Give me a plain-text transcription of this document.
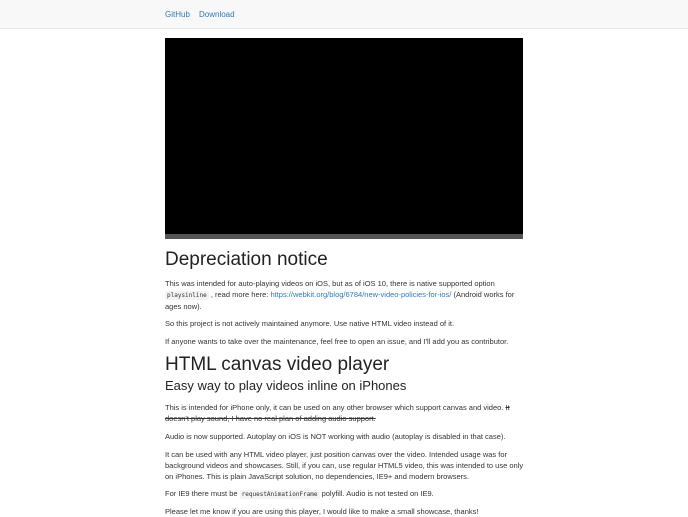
GitHub Download
Depreciation notice

This was intended for auto-playing videos on iOS, but as of iOS 10, there is native supported option playsinline , read more here: https://webkit.org/blog/6784/new-video-policies-for-ios/ (Android works for ages now).

So this project is not actively maintained anymore. Use native HTML video instead of it.

If anyone wants to take over the maintenance, feel free to open an issue, and I'll add you as contributor.

HTML canvas video player
Easy way to play videos inline on iPhones

This is intended for iPhone only, it can be used on any other browser which support canvas and video. It doesn't play sound, I have no real plan of adding audio support.

Audio is now supported. Autoplay on iOS is NOT working with audio (autoplay is disabled in that case).

It can be used with any HTML video player, just position canvas over the video. Intended usage was for background videos and showcases. Still, if you can, use regular HTML5 video, this was intended to use only on iPhones. This is plain JavaScript solution, no dependencies, IE9+ and modern browsers.

For IE9 there must be requestAnimationFrame polyfill. Audio is not tested on IE9.

Please let me know if you are using this player, I would like to make a small showcase, thanks!
